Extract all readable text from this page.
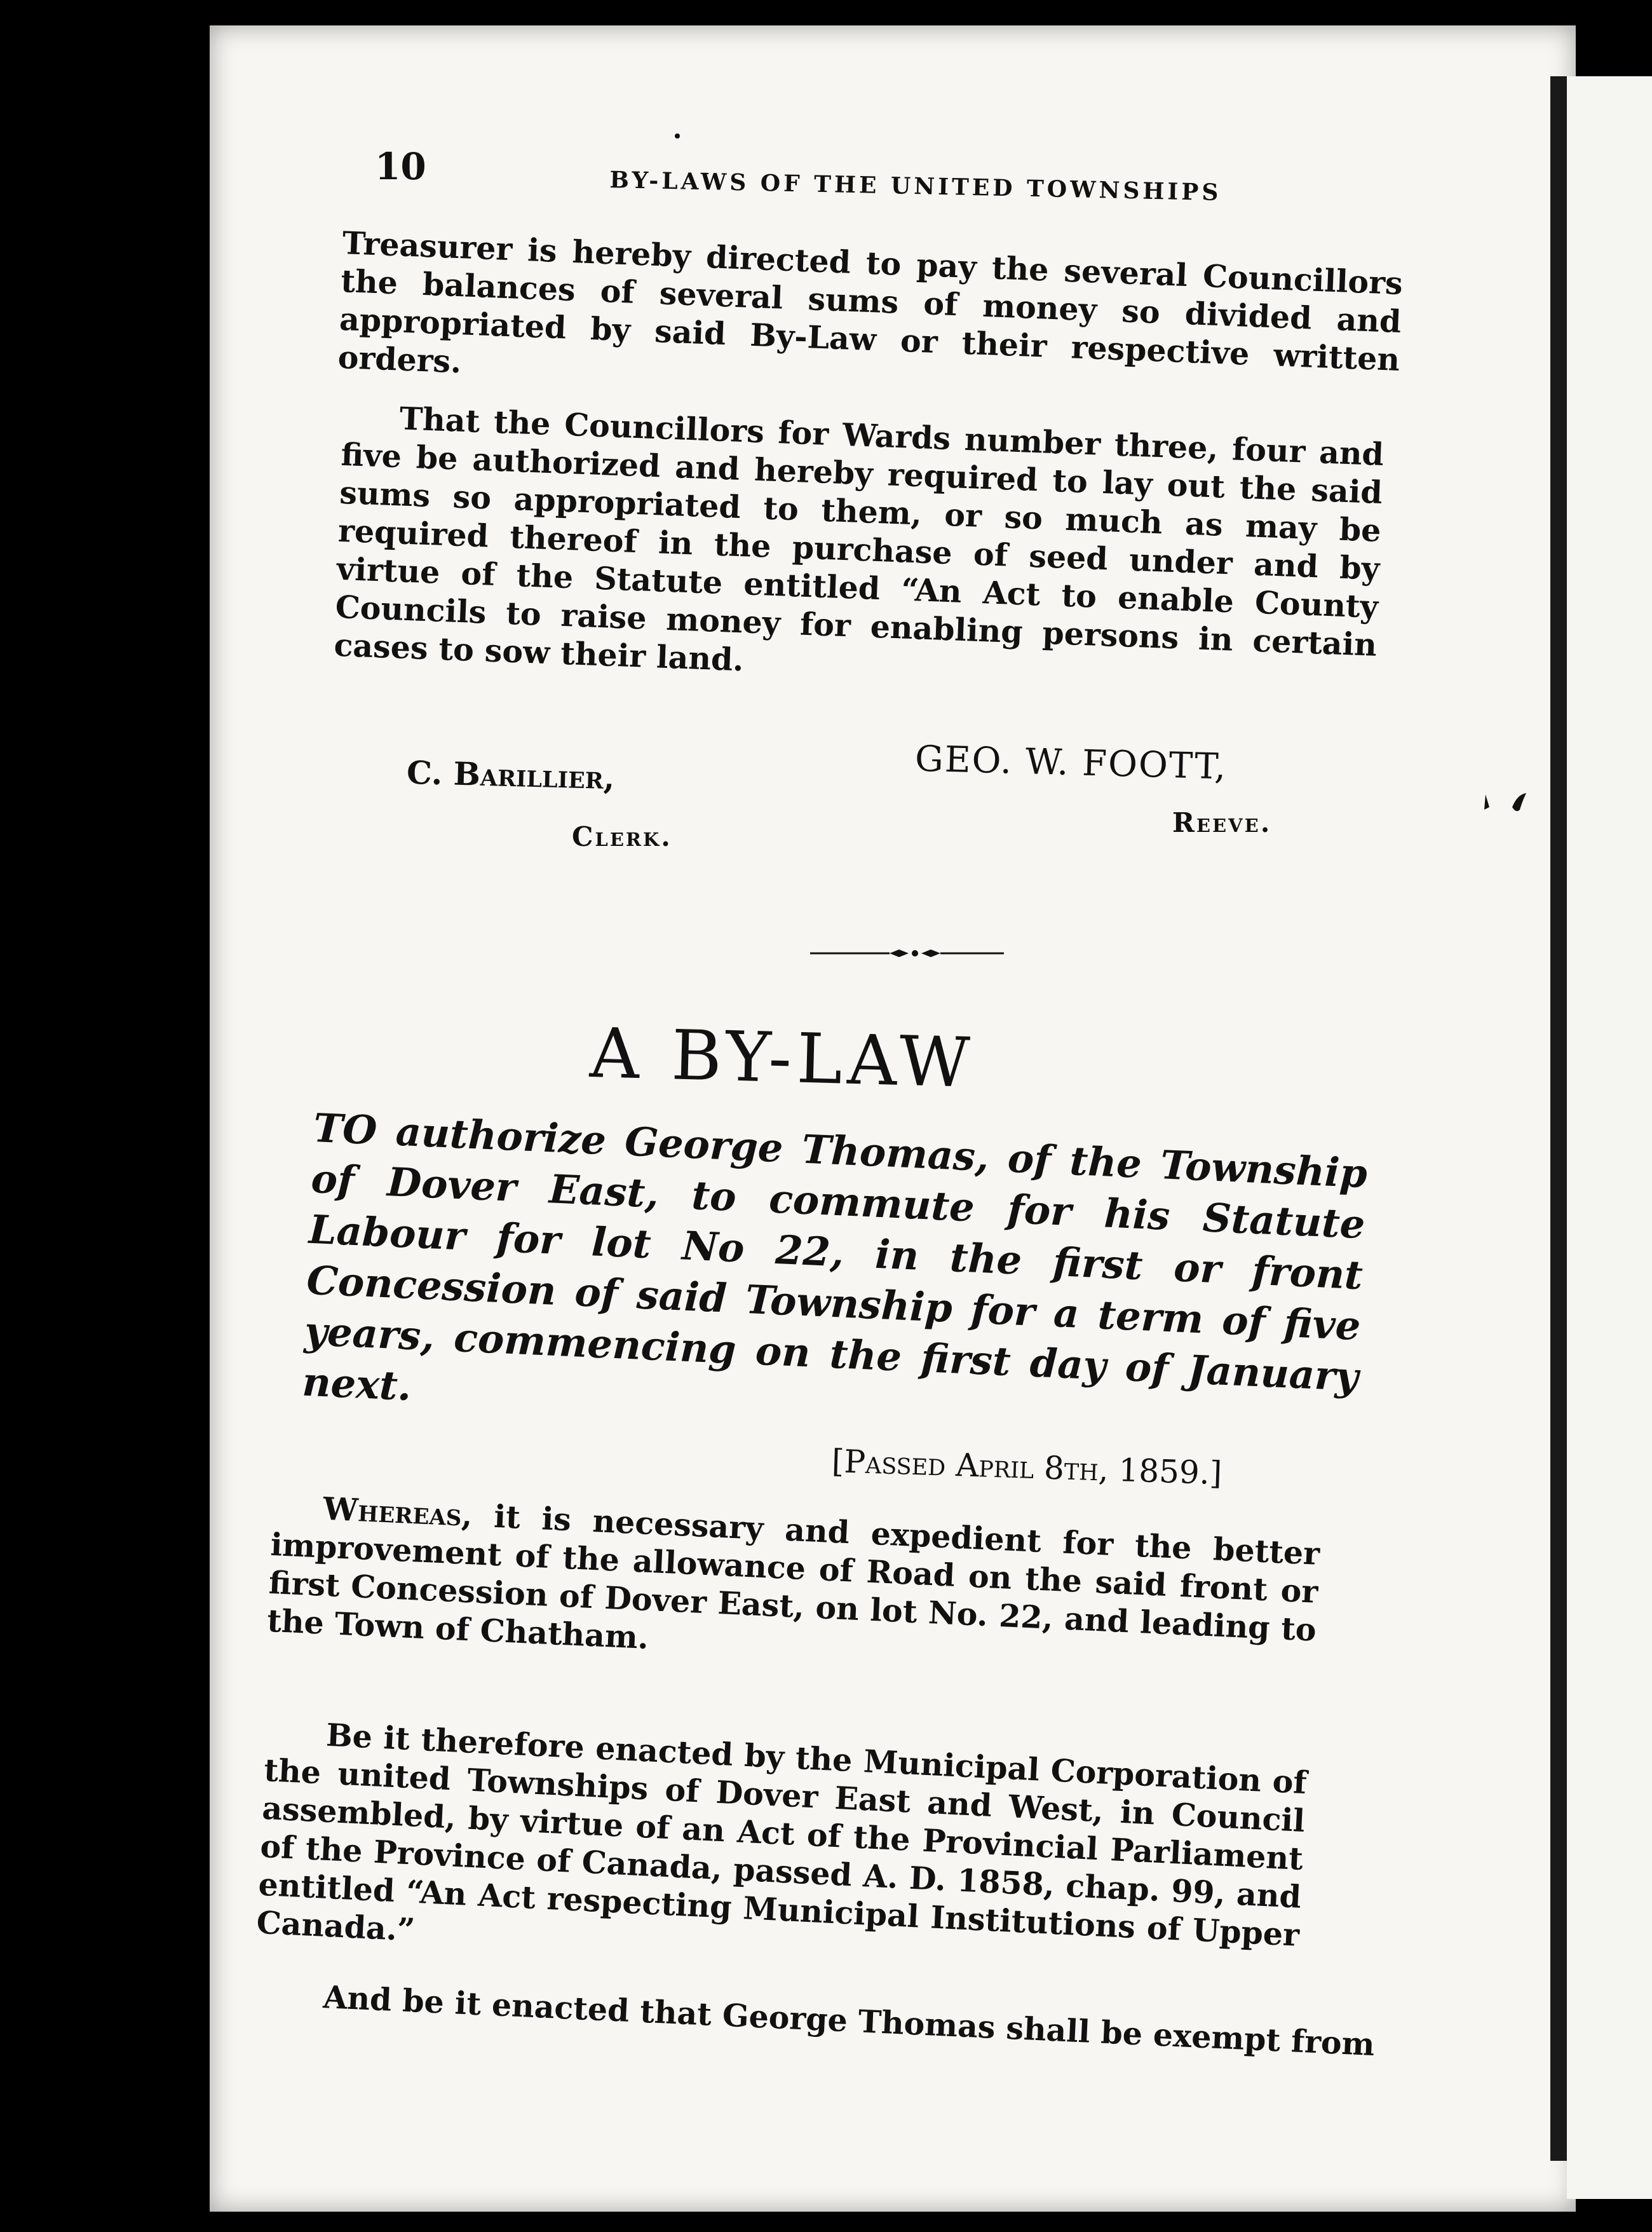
10	BY-LAWS OF THE UNITED TOWNSHIPS
Treasurer is hereby directed to pay the several Councillors the balances of several sums of money so divided and appropriated by said By-Law or their respective written orders.
That the Councillors for Wards number three, four and five be authorized and hereby required to lay out the said sums so appropriated to them, or so much as may be required thereof in the purchase of seed under and by virtue of the Statute entitled “An Act to enable County Councils to raise money for enabling persons in certain cases to sow their land.
C. Barillier,
Clerk.
GEO. W. FOOTT,
Reeve.
A BY-LAW
TO authorize George Thomas, of the Township of Dover East, to commute for his Statute Labour for lot No 22, in the first or front Concession of said Township for a term of five years, commencing on the first day of January next.
[Passed April 8th, 1859.]
Whereas, it is necessary and expedient for the better improvement of the allowance of Road on the said front or first Concession of Dover East, on lot No. 22, and leading to the Town of Chatham.
Be it therefore enacted by the Municipal Corporation of the united Townships of Dover East and West, in Council assembled, by virtue of an Act of the Provincial Parliament of the Province of Canada, passed A. D. 1858, chap. 99, and entitled “An Act respecting Municipal Institutions of Upper Canada.”
And be it enacted that George Thomas shall be exempt from
